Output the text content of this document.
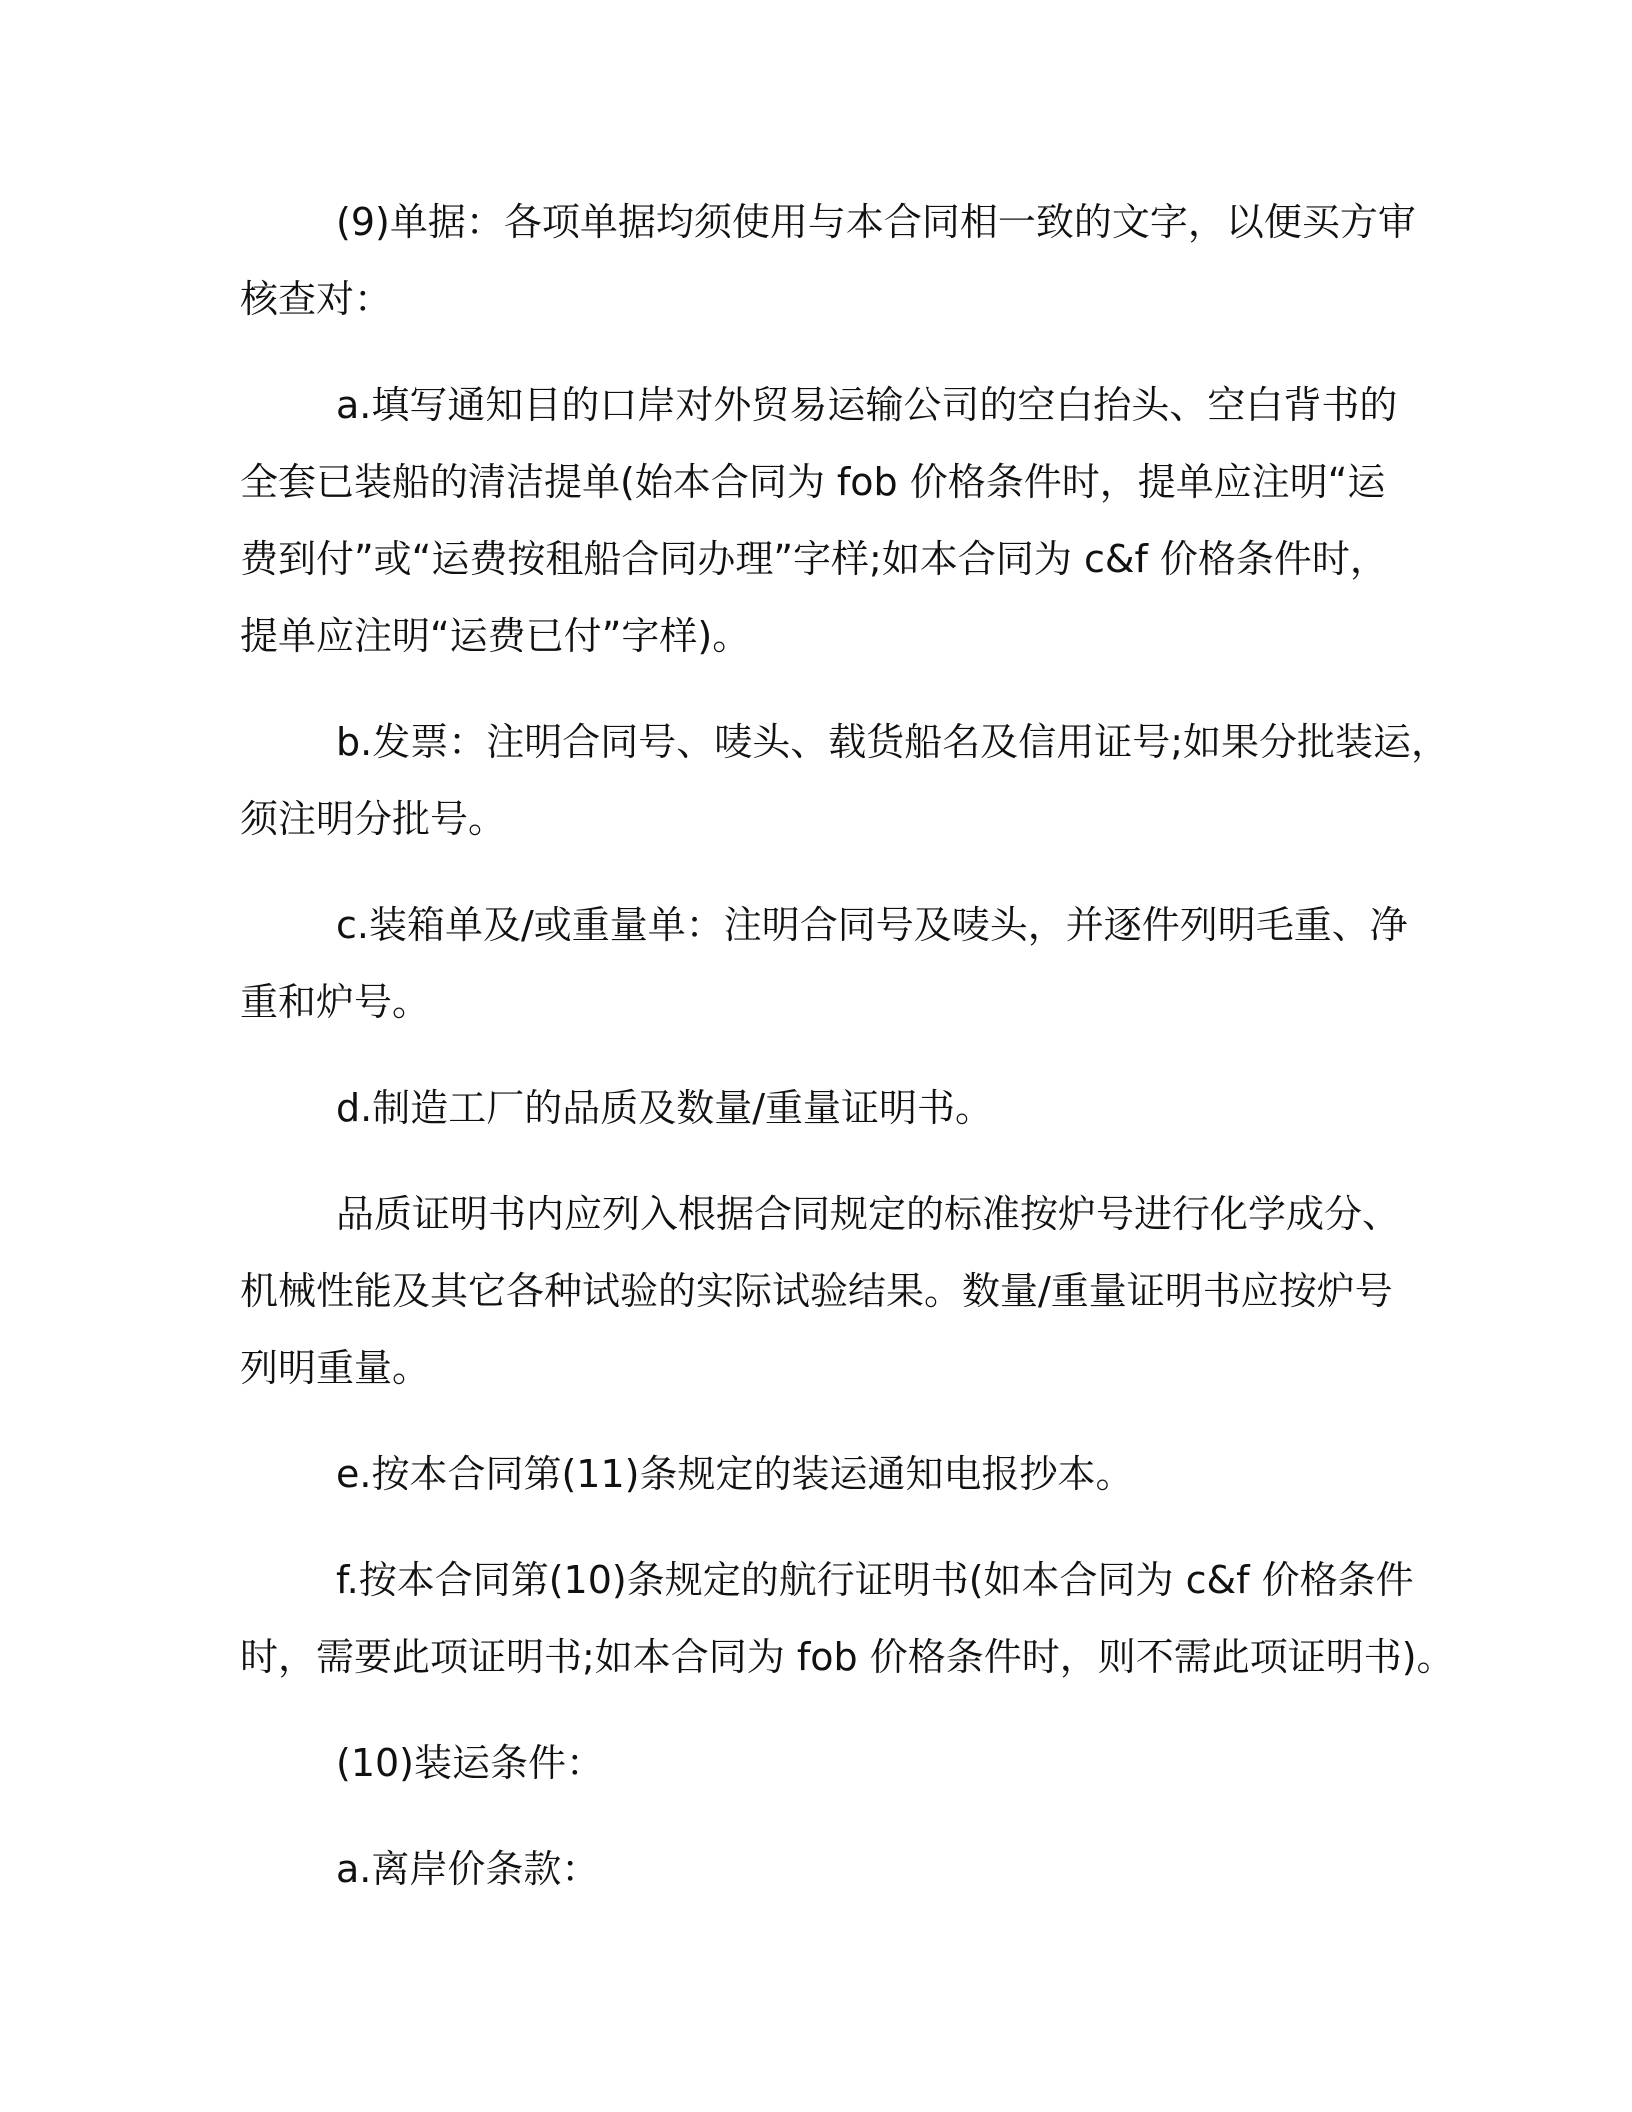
(9)单据：各项单据均须使用与本合同相一致的文字，以便买方审
核查对：

a.填写通知目的口岸对外贸易运输公司的空白抬头、空白背书的
全套已装船的清洁提单(始本合同为 fob 价格条件时，提单应注明“运
费到付”或“运费按租船合同办理”字样;如本合同为 c&f 价格条件时，
提单应注明“运费已付”字样)。

b.发票：注明合同号、唛头、载货船名及信用证号;如果分批装运，
须注明分批号。

c.装箱单及/或重量单：注明合同号及唛头，并逐件列明毛重、净
重和炉号。

d.制造工厂的品质及数量/重量证明书。

品质证明书内应列入根据合同规定的标准按炉号进行化学成分、
机械性能及其它各种试验的实际试验结果。数量/重量证明书应按炉号
列明重量。

e.按本合同第(11)条规定的装运通知电报抄本。

f.按本合同第(10)条规定的航行证明书(如本合同为 c&f 价格条件
时，需要此项证明书;如本合同为 fob 价格条件时，则不需此项证明书)。

(10)装运条件：

a.离岸价条款：
